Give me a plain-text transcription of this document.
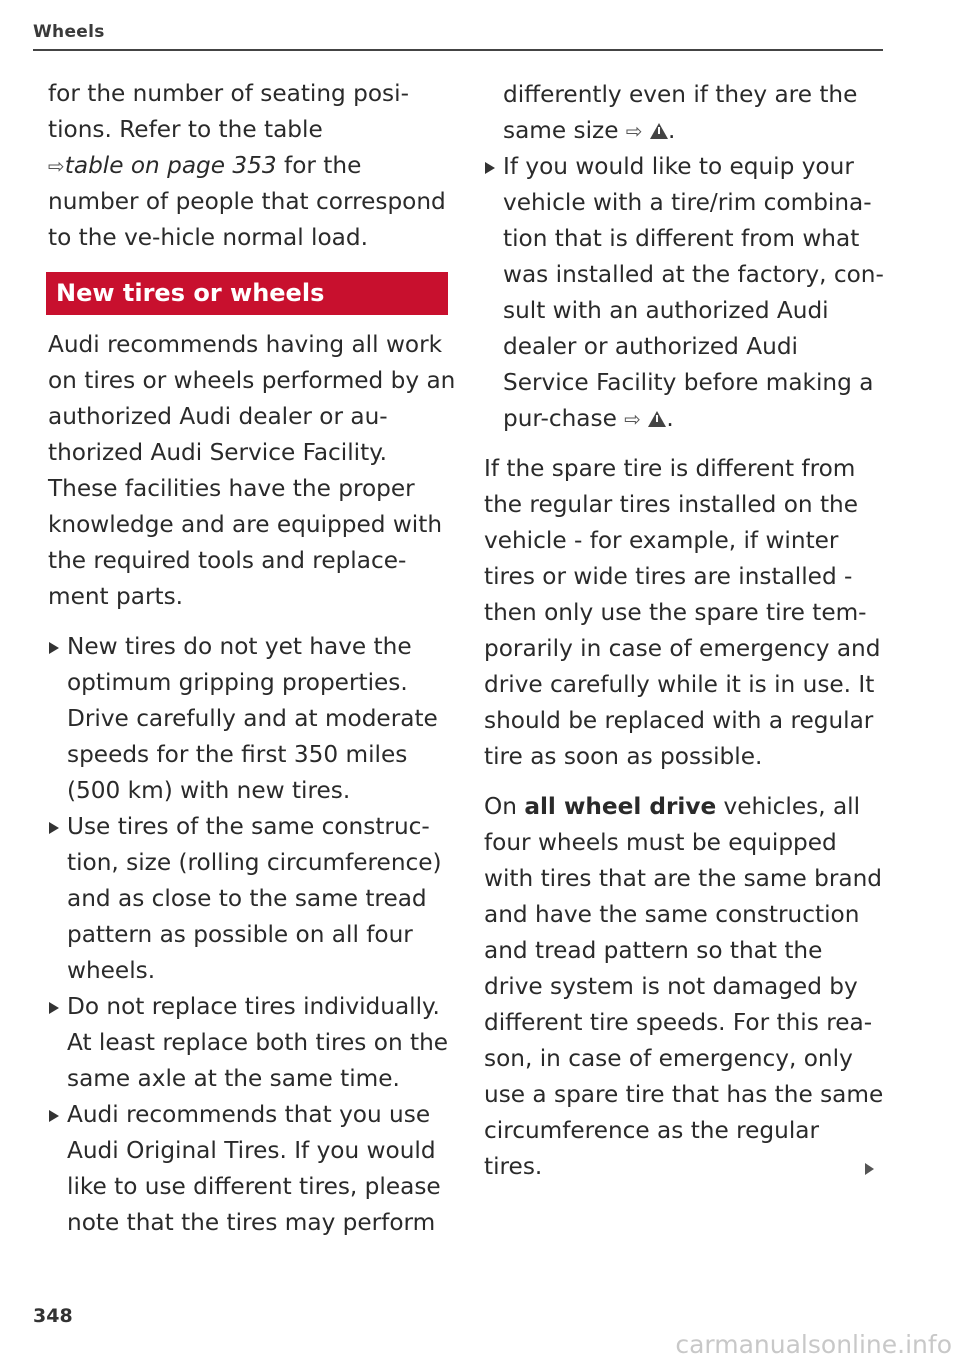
Wheels

for the number of seating posi-tions. Refer to the table ⇨table on page 353 for the number of people that correspond to the ve-hicle normal load.

New tires or wheels

Audi recommends having all work on tires or wheels performed by an authorized Audi dealer or au-thorized Audi Service Facility. These facilities have the proper knowledge and are equipped with the required tools and replace-ment parts.

New tires do not yet have the optimum gripping properties. Drive carefully and at moderate speeds for the first 350 miles (500 km) with new tires.
Use tires of the same construc-tion, size (rolling circumference) and as close to the same tread pattern as possible on all four wheels.
Do not replace tires individually. At least replace both tires on the same axle at the same time.
Audi recommends that you use Audi Original Tires. If you would like to use different tires, please note that the tires may perform

differently even if they are the same size ⇨ .

If you would like to equip your vehicle with a tire/rim combina-tion that is different from what was installed at the factory, con-sult with an authorized Audi dealer or authorized Audi Service Facility before making a pur-chase ⇨ .

If the spare tire is different from the regular tires installed on the vehicle - for example, if winter tires or wide tires are installed - then only use the spare tire tem-porarily in case of emergency and drive carefully while it is in use. It should be replaced with a regular tire as soon as possible.

On all wheel drive vehicles, all four wheels must be equipped with tires that are the same brand and have the same construction and tread pattern so that the drive system is not damaged by different tire speeds. For this rea-son, in case of emergency, only use a spare tire that has the same circumference as the regular tires.

348
carmanualsonline.info
